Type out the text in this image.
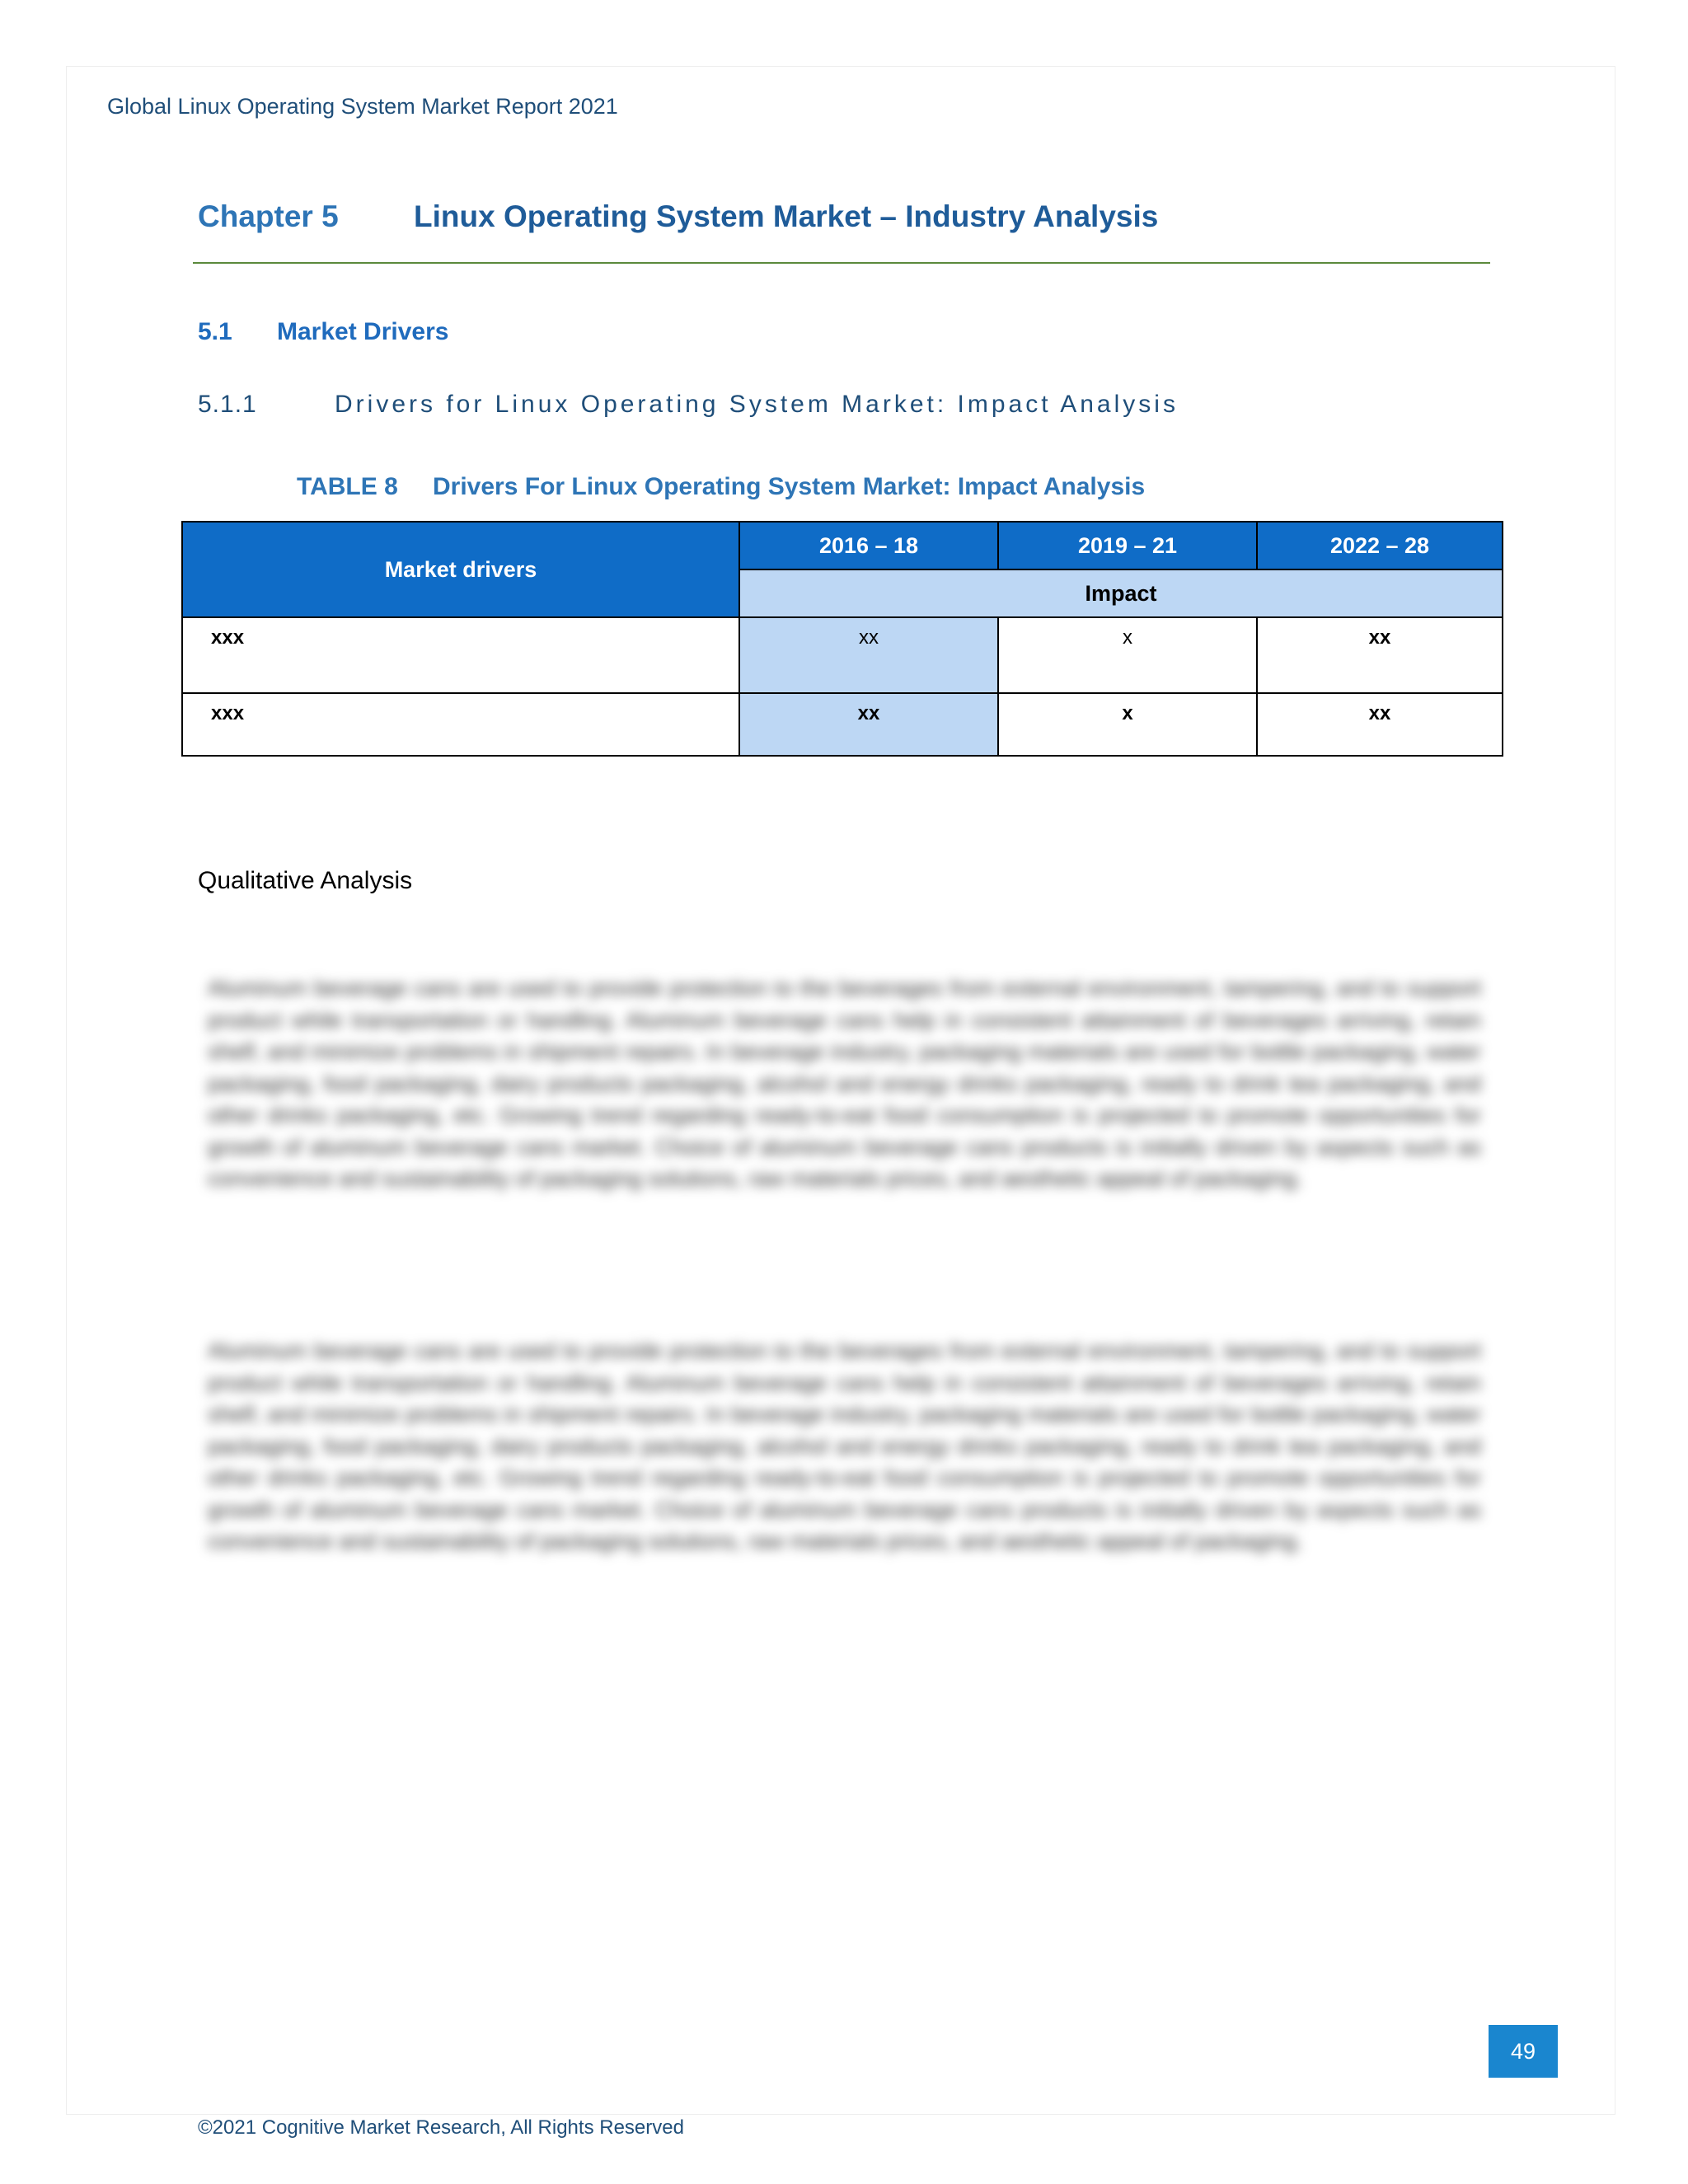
Global Linux Operating System Market Report 2021
Chapter 5 Linux Operating System Market – Industry Analysis
5.1 Market Drivers
5.1.1	Drivers for Linux Operating System Market: Impact Analysis
TABLE 8 Drivers For Linux Operating System Market: Impact Analysis
Market drivers	2016 – 18	2019 – 21	2022 – 28
	Impact		
xxx	xx	x	xx
xxx	xx	x	xx
Qualitative Analysis
Aluminum beverage cans are used to provide protection to the beverages from external environment, tampering, and to support product while transportation or handling. Aluminum beverage cans help in consistent attainment of beverages arriving, retain shelf, and minimize problems in shipment repairs. In beverage industry, packaging materials are used for bottle packaging, water packaging, food packaging, dairy products packaging, alcohol and energy drinks packaging, ready to drink tea packaging, and other drinks packaging, etc. Growing trend regarding ready-to-eat food consumption is projected to promote opportunities for growth of aluminum beverage cans market. Choice of aluminum beverage cans products is initially driven by aspects such as convenience and sustainability of packaging solutions, raw materials prices, and aesthetic appeal of packaging.
Aluminum beverage cans are used to provide protection to the beverages from external environment, tampering, and to support product while transportation or handling. Aluminum beverage cans help in consistent attainment of beverages arriving, retain shelf, and minimize problems in shipment repairs. In beverage industry, packaging materials are used for bottle packaging, water packaging, food packaging, dairy products packaging, alcohol and energy drinks packaging, ready to drink tea packaging, and other drinks packaging, etc. Growing trend regarding ready-to-eat food consumption is projected to promote opportunities for growth of aluminum beverage cans market. Choice of aluminum beverage cans products is initially driven by aspects such as convenience and sustainability of packaging solutions, raw materials prices, and aesthetic appeal of packaging.
49
©2021 Cognitive Market Research, All Rights Reserved
